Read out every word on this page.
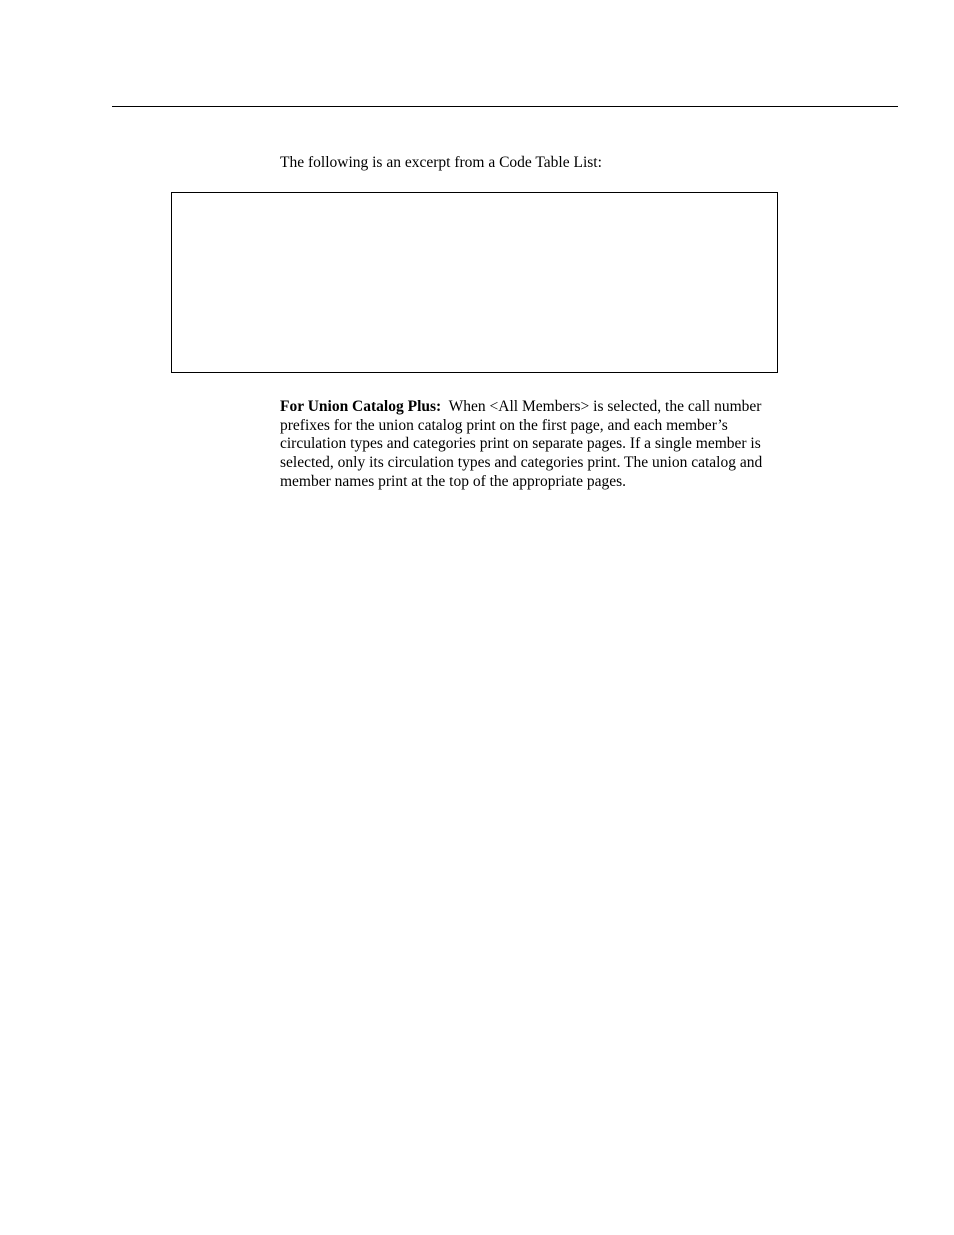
The following is an excerpt from a Code Table List:

For Union Catalog Plus: When <All Members> is selected, the call number
prefixes for the union catalog print on the first page, and each member’s
circulation types and categories print on separate pages. If a single member is
selected, only its circulation types and categories print. The union catalog and
member names print at the top of the appropriate pages.
